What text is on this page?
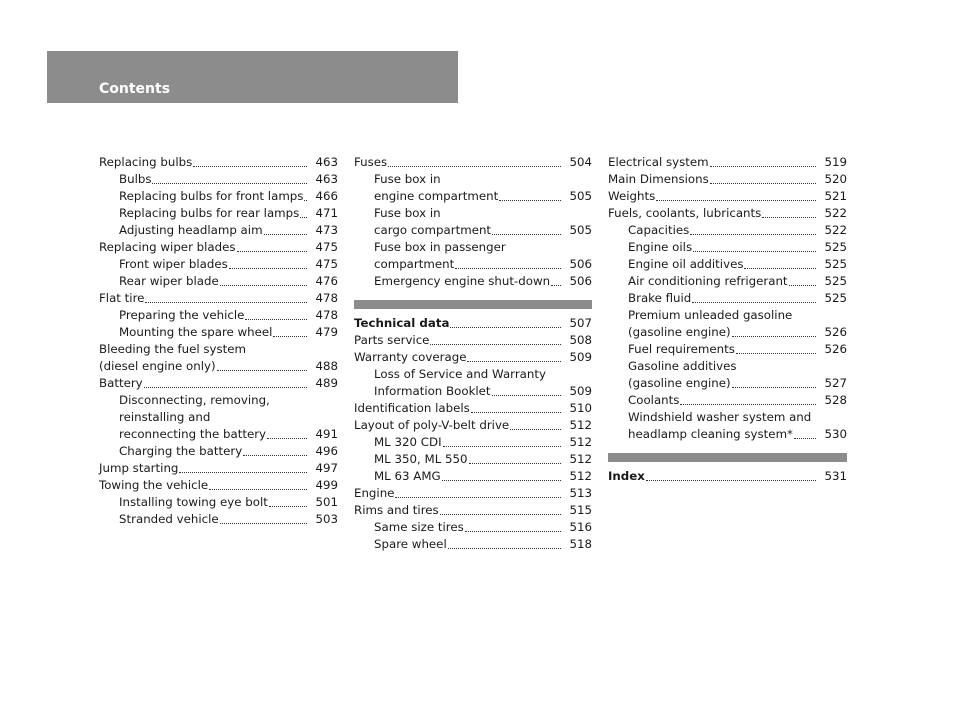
Contents
Replacing bulbs	463
Bulbs	463
Replacing bulbs for front lamps	466
Replacing bulbs for rear lamps	471
Adjusting headlamp aim	473
Replacing wiper blades	475
Front wiper blades	475
Rear wiper blade	476
Flat tire	478
Preparing the vehicle	478
Mounting the spare wheel	479
Bleeding the fuel system
(diesel engine only)	488
Battery	489
Disconnecting, removing,
reinstalling and
reconnecting the battery	491
Charging the battery	496
Jump starting	497
Towing the vehicle	499
Installing towing eye bolt	501
Stranded vehicle	503
Fuses	504
Fuse box in
engine compartment	505
Fuse box in
cargo compartment	505
Fuse box in passenger
compartment	506
Emergency engine shut-down	506
Technical data	507
Parts service	508
Warranty coverage	509
Loss of Service and Warranty
Information Booklet	509
Identification labels	510
Layout of poly-V-belt drive	512
ML 320 CDI	512
ML 350, ML 550	512
ML 63 AMG	512
Engine	513
Rims and tires	515
Same size tires	516
Spare wheel	518
Electrical system	519
Main Dimensions	520
Weights	521
Fuels, coolants, lubricants	522
Capacities	522
Engine oils	525
Engine oil additives	525
Air conditioning refrigerant	525
Brake fluid	525
Premium unleaded gasoline
(gasoline engine)	526
Fuel requirements	526
Gasoline additives
(gasoline engine)	527
Coolants	528
Windshield washer system and
headlamp cleaning system*	530
Index	531
